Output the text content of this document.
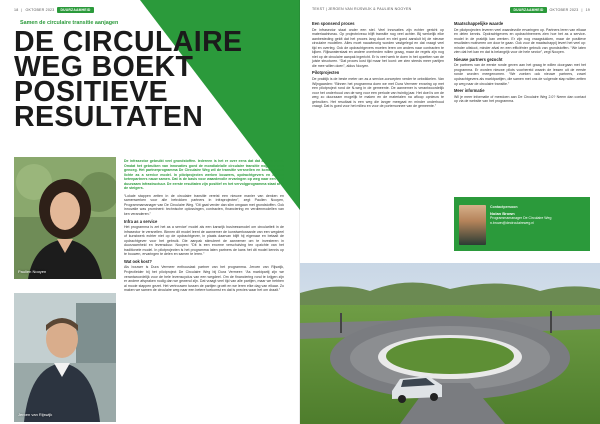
18 | OKTOBER 2023	DUURZAAMHEID
Samen de circulaire transitie aanjagen
DE CIRCULAIRE
WEG BOEKT
POSITIEVE
RESULTATEN
Paulien Nooyen
Jeroen van Rijswijk

De infrasector gebruikt veel grondstoffen. Iedereen is het er over eens dat dat anders moet. Omdat het gebruiken van innovaties goed de mondiale/alle circulaire transitie nog niet snel genoeg. Het partnerprogramma De Circulaire Weg wil de transitie versnellen en komt van het lichte as a service model. In pilotprojecten werken bouwers, opdrachtgevers en andere ketenpartners nauw samen. Dat is de basis voor waardevolle ervaringen op weg naar een echt duurzaam infrastructuur. De eerste resultaten zijn positief en het vervolgprogramma staat al in de steigers.

“Lokale stappen zetten in de circulaire transitie vereist een nieuwe manier van denken en samenwerken voor alle betrokken partners in infraprojecten”, zegt Paulien Nooyen, Programmamanager van De Circulaire Weg. “Dit gaat verder dan slim omgaan met grondstoffen. Ook innovatie was prominent: technische oplossingen, contracten, financiering en verdienmodellen van ken veranderen.”

Infra as a service

Het programma is zet het as a service’ model als een kansrijk businessmodel om circulariteit in de infrasector te versnellen. Binnen dit model leent de aannemer de kunstwerkwaarde van een wegdeel of kunstwerk echter niet op de opdrachtgever, in plaats daarvan blijft hij eigenaar en betaalt de opdrachtgever voor het gebruik. Die aanpak stimuleert de aannemer om te investeren in duurzaamheid en levensduur. Nooyen: “Dit is een enorme verschuiving ten opzichte van het traditionele model. In pilotprojecten is het programma laten partners de kans het dit model kennis op te bouwen, ervaringen te delen en samen te leren.”

Wat ook kost?

Als bouwer is Dura Vermeer enthousiast partner van het programma. Jeroen van Rijswijk, Projectleider bij het pilotproject De Circulaire Weg bij Dura Vermeer: “As marktpartij zijn we verantwoordelijk voor de hele levenscyclus van een wegdeel. Om de financiering rond te krijgen zijn er andere afspraken nodig dan we gewend zijn. Dat vraagt veel tijd van alle partijen, maar we hebben al mooie stappen gezet. Het vertrouwen tussen de partijen groeit en we leren elke dag van elkaar. Zo maken we samen de circulaire weg naar een betere toekomst en dat is precies waar het om draait.”

TEKST | JEROEN VAN RIJSWIJK & PAULIEN NOOYEN	DUURZAAMHEID	OKTOBER 2023 | 19
Een sponsend proces

De infrasector staat onder een stel. Veel innovaties zijn echter gericht op materiaalniveau. Op projectniveau blijft transitie nog veel achter. Bij werkelijk elke aanbesteding geldt dat het proces lang duurt en niet goed aansluit bij de nieuwe circulaire modellen. Alles moet nauwkeurig worden vastgelegd en dat vraagt veel tijd en overleg. Ook de opdrachtgevers moeten leren om anders naar contracten te kijken. Rijkswaterstaat en andere overheden willen graag, maar de regels zijn nog niet op de circulaire aanpak ingericht. Er is veel werk te doen in het opzetten van de juiste structuren. “Dat proces kost tijd maar het loont: we zien steeds meer partijen die mee willen doen”, aldus Nooyen.

Pilotprojecten

De praktijk is de beste meter om as a service-concepten verder te ontwikkelen. Van Wijngaarden: “Binnen het programma doen we met Dura Vermeer ervaring op met een pilotproject rond de N-weg in de gemeente. De aannemer is verantwoordelijk voor het onderhoud van de weg voor een periode van twintig jaar. Het doel is om de weg zo duurzaam mogelijk te maken en de materialen na afloop opnieuw te gebruiken. Het resultaat is een weg die langer meegaat en minder onderhoud vraagt. Dat is goed voor het milieu en voor de portemonnee van de gemeente.”

Maatschappelijke waarde

De pilotprojecten leveren veel waardevolle ervaringen op. Partners leren van elkaar en delen kennis. Opdrachtgevers en opdrachtnemers zien hoe het as a service-model in de praktijk kan werken. Er zijn nog vraagstukken, maar de positieve resultaten motiveren om door te gaan. Ook voor de maatschappij levert het veel op: minder uitstoot, minder afval en een efficiënter gebruik van grondstoffen. “We laten zien dat het kan en dat is belangrijk voor de hele sector”, zegt Nooyen.

Nieuwe partners gezocht

De partners van de eerste ronde geven aan het graag te willen doorgaan met het programma. Er worden nieuwe pilots voorbereid waarin de lessen uit de eerste ronde worden meegenomen. “We zoeken ook nieuwe partners, zowel opdrachtgevers als marktpartijen, die samen met ons de volgende stap willen zetten op weg naar de circulaire transitie.”

Meer informatie

Wil je meer informatie of meedoen aan De Circulaire Weg 2.0? Neem dan contact op via de website van het programma.

Contactpersoon
Nolan Brown
Programmamanager De Circulaire Weg
n.brown@decirculaireweg.nl
